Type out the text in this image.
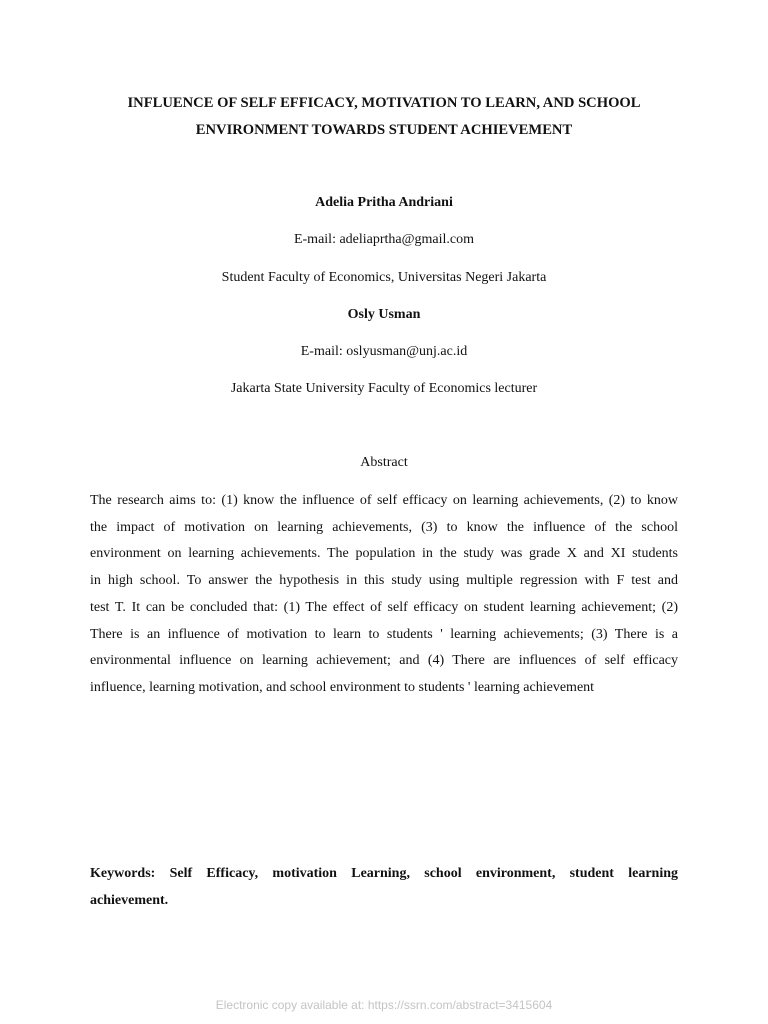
INFLUENCE OF SELF EFFICACY, MOTIVATION TO LEARN, AND SCHOOL
ENVIRONMENT TOWARDS STUDENT ACHIEVEMENT
Adelia Pritha Andriani
E-mail: adeliaprtha@gmail.com
Student Faculty of Economics, Universitas Negeri Jakarta
Osly Usman
E-mail: oslyusman@unj.ac.id
Jakarta State University Faculty of Economics lecturer
Abstract
The research aims to: (1) know the influence of self efficacy on learning achievements, (2) to know
the impact of motivation on learning achievements, (3) to know the influence of the school
environment on learning achievements. The population in the study was grade X and XI students
in high school. To answer the hypothesis in this study using multiple regression with F test and
test T. It can be concluded that: (1) The effect of self efficacy on student learning achievement; (2)
There is an influence of motivation to learn to students ' learning achievements; (3) There is a
environmental influence on learning achievement; and (4) There are influences of self efficacy
influence, learning motivation, and school environment to students ' learning achievement
Keywords: Self Efficacy, motivation Learning, school environment, student learning
achievement.
Electronic copy available at: https://ssrn.com/abstract=3415604
